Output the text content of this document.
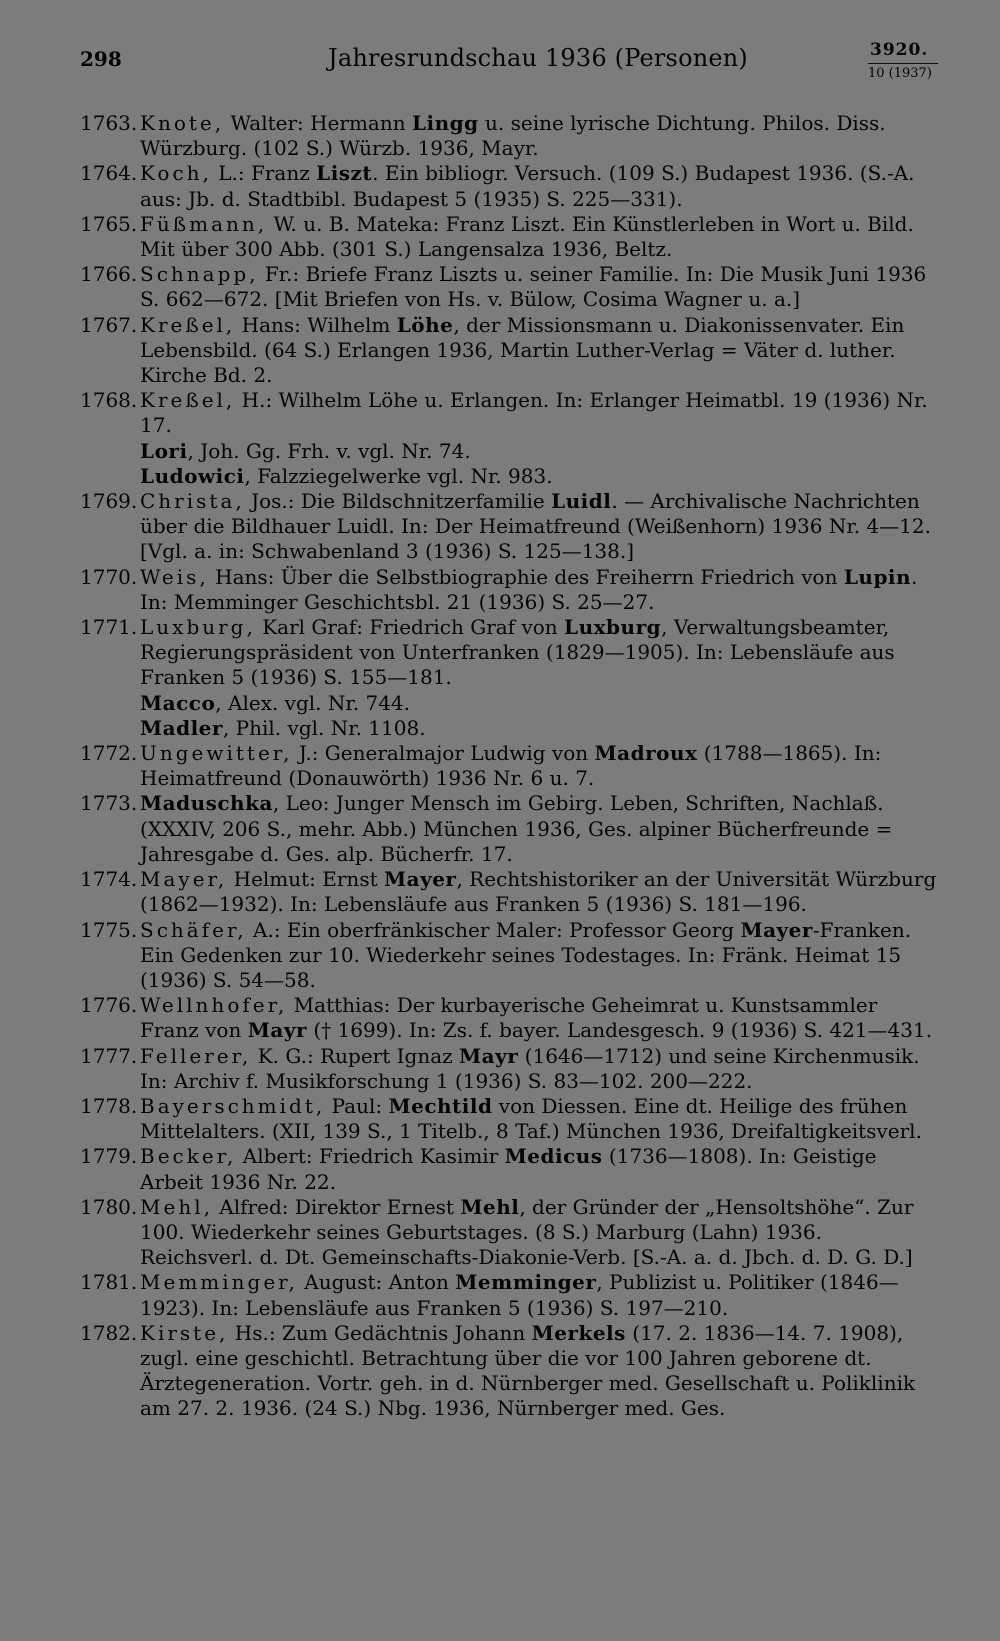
298	Jahresrundschau 1936 (Personen)	3920.
10 (1937)
1763. Knote, Walter: Hermann Lingg u. seine lyrische Dichtung. Philos. Diss. Würzburg. (102 S.) Würzb. 1936, Mayr.
1764. Koch, L.: Franz Liszt. Ein bibliogr. Versuch. (109 S.) Budapest 1936. (S.-A. aus: Jb. d. Stadtbibl. Budapest 5 (1935) S. 225—331).
1765. Füßmann, W. u. B. Mateka: Franz Liszt. Ein Künstlerleben in Wort u. Bild. Mit über 300 Abb. (301 S.) Langensalza 1936, Beltz.
1766. Schnapp, Fr.: Briefe Franz Liszts u. seiner Familie. In: Die Musik Juni 1936 S. 662—672. [Mit Briefen von Hs. v. Bülow, Cosima Wagner u. a.]
1767. Kreßel, Hans: Wilhelm Löhe, der Missionsmann u. Diakonissenvater. Ein Lebensbild. (64 S.) Erlangen 1936, Martin Luther-Verlag = Väter d. luther. Kirche Bd. 2.
1768. Kreßel, H.: Wilhelm Löhe u. Erlangen. In: Erlanger Heimatbl. 19 (1936) Nr. 17.
Lori, Joh. Gg. Frh. v. vgl. Nr. 74.
Ludowici, Falzziegelwerke vgl. Nr. 983.
1769. Christa, Jos.: Die Bildschnitzerfamilie Luidl. — Archivalische Nachrichten über die Bildhauer Luidl. In: Der Heimatfreund (Weißenhorn) 1936 Nr. 4—12. [Vgl. a. in: Schwabenland 3 (1936) S. 125—138.]
1770. Weis, Hans: Über die Selbstbiographie des Freiherrn Friedrich von Lupin. In: Memminger Geschichtsbl. 21 (1936) S. 25—27.
1771. Luxburg, Karl Graf: Friedrich Graf von Luxburg, Verwaltungsbeamter, Regierungspräsident von Unterfranken (1829—1905). In: Lebensläufe aus Franken 5 (1936) S. 155—181.
Macco, Alex. vgl. Nr. 744.
Madler, Phil. vgl. Nr. 1108.
1772. Ungewitter, J.: Generalmajor Ludwig von Madroux (1788—1865). In: Heimatfreund (Donauwörth) 1936 Nr. 6 u. 7.
1773. Maduschka, Leo: Junger Mensch im Gebirg. Leben, Schriften, Nachlaß. (XXXIV, 206 S., mehr. Abb.) München 1936, Ges. alpiner Bücherfreunde = Jahresgabe d. Ges. alp. Bücherfr. 17.
1774. Mayer, Helmut: Ernst Mayer, Rechtshistoriker an der Universität Würzburg (1862—1932). In: Lebensläufe aus Franken 5 (1936) S. 181—196.
1775. Schäfer, A.: Ein oberfränkischer Maler: Professor Georg Mayer-Franken. Ein Gedenken zur 10. Wiederkehr seines Todestages. In: Fränk. Heimat 15 (1936) S. 54—58.
1776. Wellnhofer, Matthias: Der kurbayerische Geheimrat u. Kunstsammler Franz von Mayr († 1699). In: Zs. f. bayer. Landesgesch. 9 (1936) S. 421—431.
1777. Fellerer, K. G.: Rupert Ignaz Mayr (1646—1712) und seine Kirchenmusik. In: Archiv f. Musikforschung 1 (1936) S. 83—102. 200—222.
1778. Bayerschmidt, Paul: Mechtild von Diessen. Eine dt. Heilige des frühen Mittelalters. (XII, 139 S., 1 Titelb., 8 Taf.) München 1936, Dreifaltigkeitsverl.
1779. Becker, Albert: Friedrich Kasimir Medicus (1736—1808). In: Geistige Arbeit 1936 Nr. 22.
1780. Mehl, Alfred: Direktor Ernest Mehl, der Gründer der „Hensoltshöhe“. Zur 100. Wiederkehr seines Geburtstages. (8 S.) Marburg (Lahn) 1936. Reichsverl. d. Dt. Gemeinschafts-Diakonie-Verb. [S.-A. a. d. Jbch. d. D. G. D.]
1781. Memminger, August: Anton Memminger, Publizist u. Politiker (1846—1923). In: Lebensläufe aus Franken 5 (1936) S. 197—210.
1782. Kirste, Hs.: Zum Gedächtnis Johann Merkels (17. 2. 1836—14. 7. 1908), zugl. eine geschichtl. Betrachtung über die vor 100 Jahren geborene dt. Ärztegeneration. Vortr. geh. in d. Nürnberger med. Gesellschaft u. Poliklinik am 27. 2. 1936. (24 S.) Nbg. 1936, Nürnberger med. Ges.
